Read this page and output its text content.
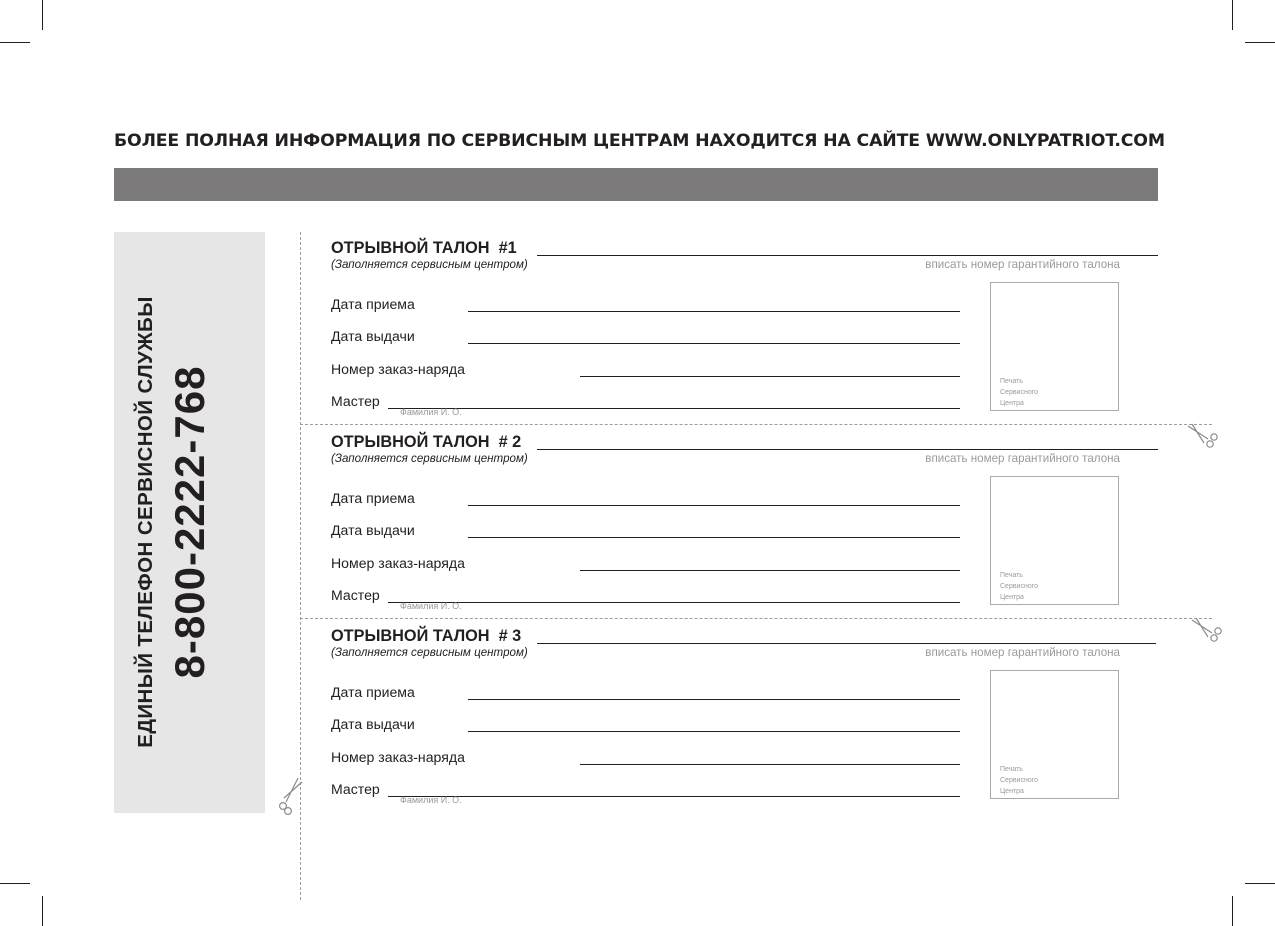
БОЛЕЕ ПОЛНАЯ ИНФОРМАЦИЯ ПО СЕРВИСНЫМ ЦЕНТРАМ НАХОДИТСЯ НА САЙТЕ WWW.ONLYPATRIOT.COM
ЕДИНЫЙ ТЕЛЕФОН СЕРВИСНОЙ СЛУЖБЫ 8-800-2222-768
ОТРЫВНОЙ ТАЛОН  #1
(Заполняется сервисным центром)	вписать номер гарантийного талона
Дата приема
Дата выдачи
Номер заказ-наряда
Мастер
Фамилия И. О.
Печать
Сервисного
Центра
ОТРЫВНОЙ ТАЛОН  # 2
(Заполняется сервисным центром)	вписать номер гарантийного талона
Дата приема
Дата выдачи
Номер заказ-наряда
Мастер
Фамилия И. О.
Печать
Сервисного
Центра
ОТРЫВНОЙ ТАЛОН  # 3
(Заполняется сервисным центром)	вписать номер гарантийного талона
Дата приема
Дата выдачи
Номер заказ-наряда
Мастер
Фамилия И. О.
Печать
Сервисного
Центра
